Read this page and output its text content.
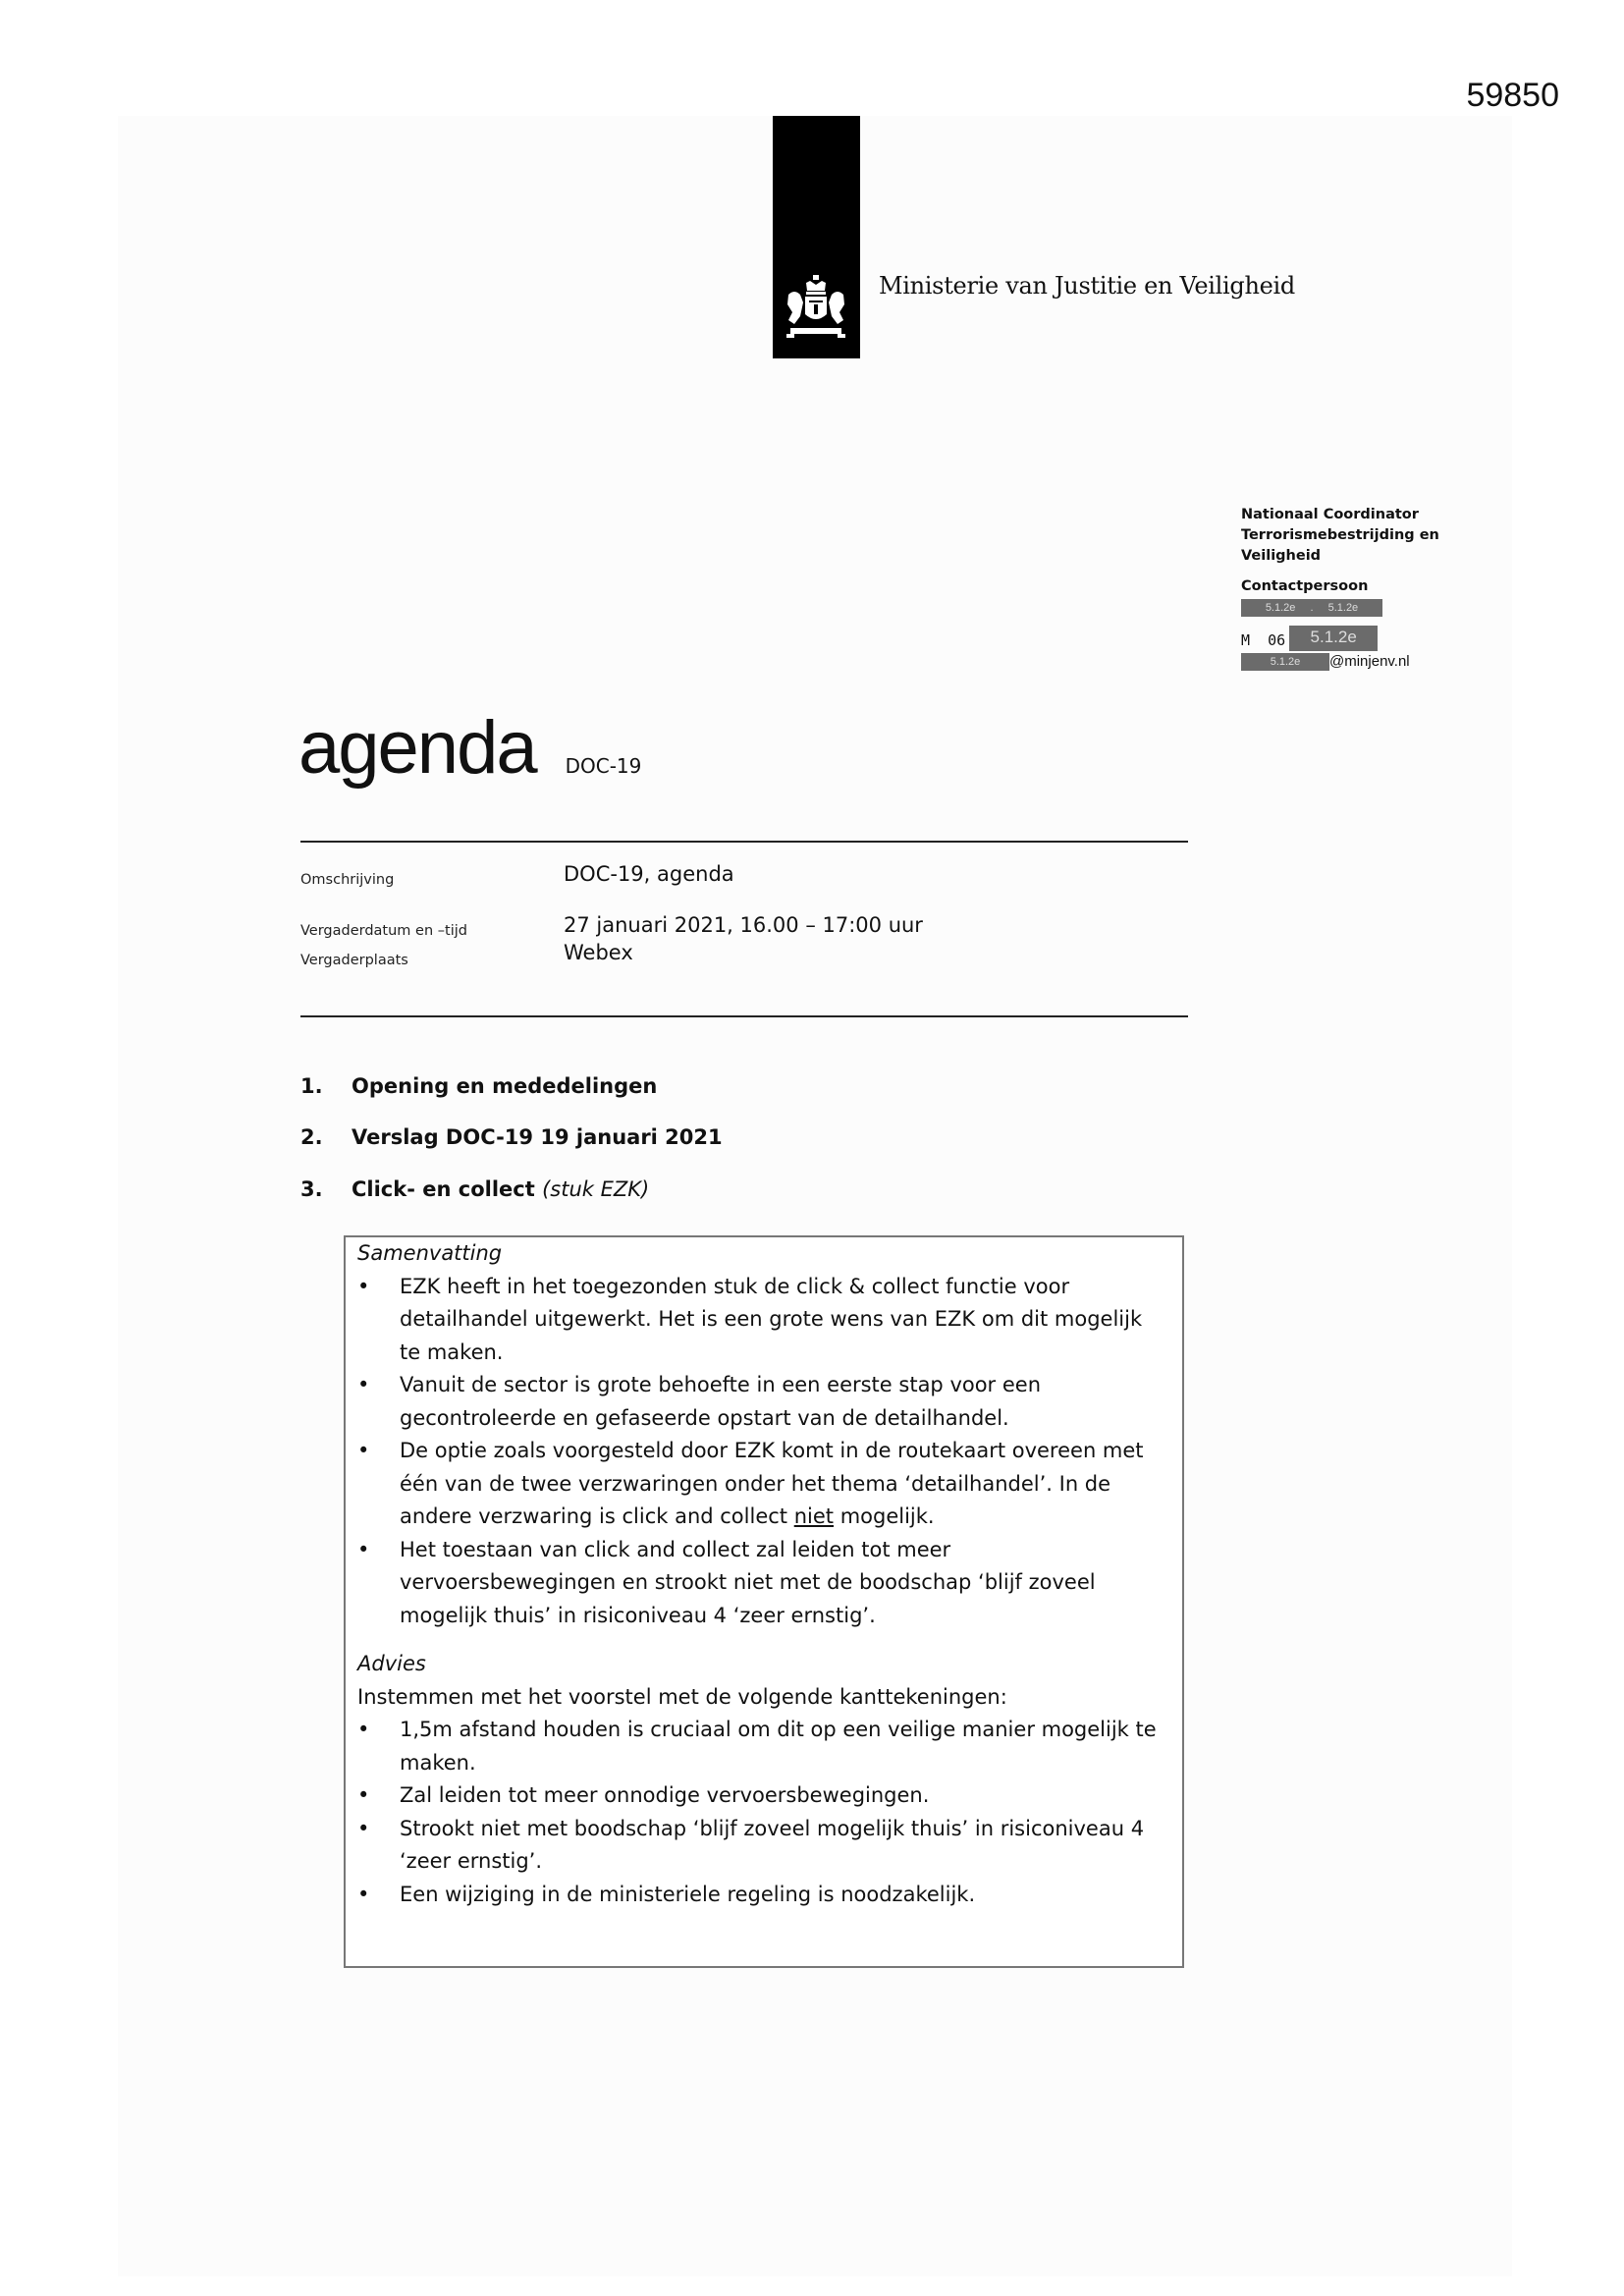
59850
Ministerie van Justitie en Veiligheid
Nationaal Coordinator Terrorismebestrijding en Veiligheid
Contactpersoon
5.1.2e . 5.1.2e
M  06	5.1.2e
5.1.2e	@minjenv.nl
agenda DOC-19
Omschrijving	DOC-19, agenda
Vergaderdatum en –tijd	27 januari 2021, 16.00 – 17:00 uur
Vergaderplaats	Webex
1. Opening en mededelingen
2. Verslag DOC-19 19 januari 2021
3. Click- en collect (stuk EZK)
Samenvatting
• EZK heeft in het toegezonden stuk de click & collect functie voor detailhandel uitgewerkt. Het is een grote wens van EZK om dit mogelijk te maken.
• Vanuit de sector is grote behoefte in een eerste stap voor een gecontroleerde en gefaseerde opstart van de detailhandel.
• De optie zoals voorgesteld door EZK komt in de routekaart overeen met één van de twee verzwaringen onder het thema ‘detailhandel’. In de andere verzwaring is click and collect niet mogelijk.
• Het toestaan van click and collect zal leiden tot meer vervoersbewegingen en strookt niet met de boodschap ‘blijf zoveel mogelijk thuis’ in risiconiveau 4 ‘zeer ernstig’.
Advies
Instemmen met het voorstel met de volgende kanttekeningen:
• 1,5m afstand houden is cruciaal om dit op een veilige manier mogelijk te maken.
• Zal leiden tot meer onnodige vervoersbewegingen.
• Strookt niet met boodschap ‘blijf zoveel mogelijk thuis’ in risiconiveau 4 ‘zeer ernstig’.
• Een wijziging in de ministeriele regeling is noodzakelijk.
